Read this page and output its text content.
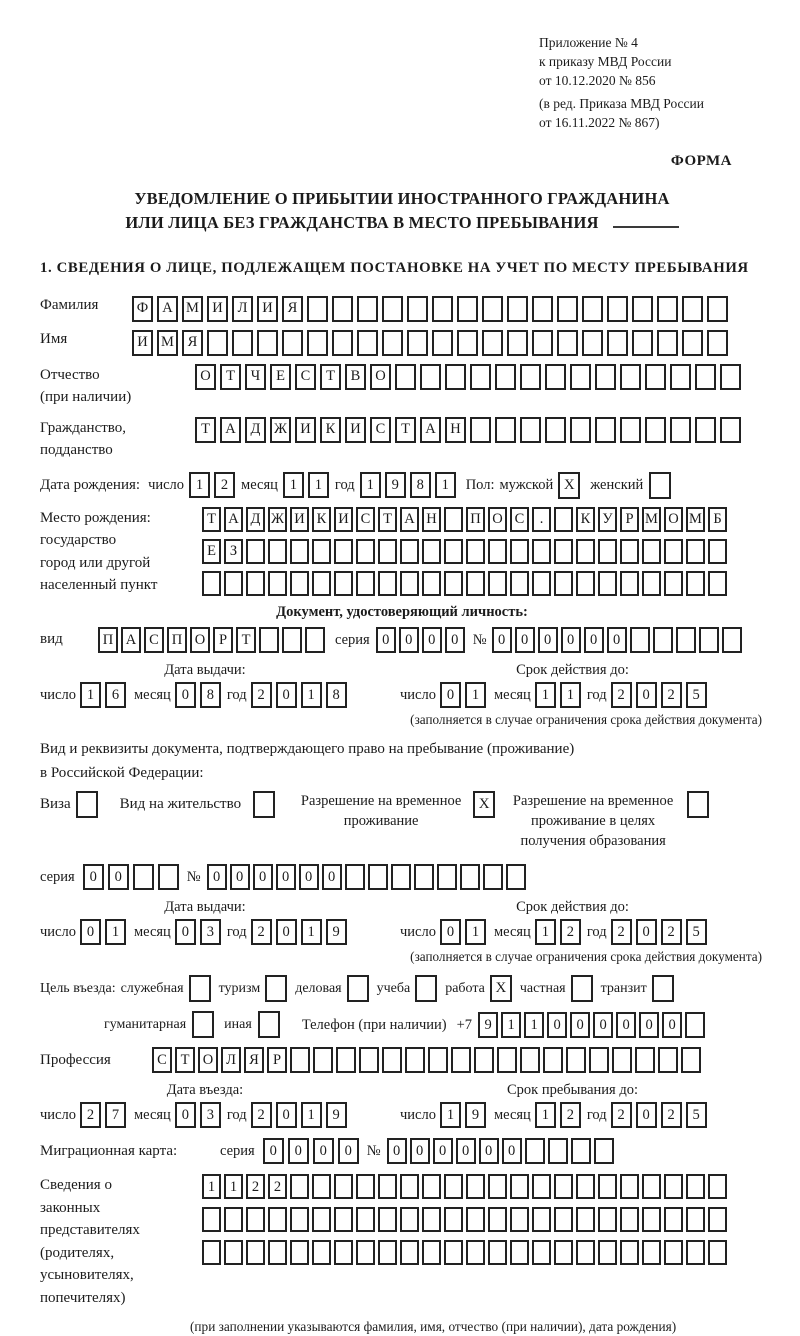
Приложение № 4
к приказу МВД России
от 10.12.2020 № 856
(в ред. Приказа МВД России
от 16.11.2022 № 867)
ФОРМА
УВЕДОМЛЕНИЕ О ПРИБЫТИИ ИНОСТРАННОГО ГРАЖДАНИНА
ИЛИ ЛИЦА БЕЗ ГРАЖДАНСТВА В МЕСТО ПРЕБЫВАНИЯ
1. СВЕДЕНИЯ О ЛИЦЕ, ПОДЛЕЖАЩЕМ ПОСТАНОВКЕ НА УЧЕТ ПО МЕСТУ ПРЕБЫВАНИЯ
Фамилия	Ф А М И	Л	И	Я
Имя	И М Я
Отчество
(при наличии)
О	Т	Ч	Е	С	Т	В	О
Гражданство,
подданство
Т	А	Д Ж И	К	И	С	Т	А	Н
Дата рождения: число 1	2 месяц 1	1 год 1	9	8	1	Пол: мужской X	женский
Место рождения:
государство
город или другой
населенный пункт
Т А Д Ж И К И С Т А Н П О С	.	К У Р М О М Б
Е З
Документ, удостоверяющий личность:
вид	П А С П О Р	Т	серия 0	0	0	0 № 0	0	0	0	0	0
Дата выдачи:
число 1	6	месяц 0	8 год 2	0	1	8
Срок действия до:
число 0	1	месяц 1	1 год 2	0	2	5
(заполняется в случае ограничения срока действия документа)
Вид и реквизиты документа, подтверждающего право на пребывание (проживание)
в Российской Федерации:
Виза	Вид на жительство	Разрешение на временное проживание
X	Разрешение на временное проживание в целях получения образования
серия	0	0	№ 0	0	0	0	0	0
Дата выдачи:
число 0	1	месяц 0	3 год 2	0	1	9
Срок действия до:
число 0	1	месяц 1	2 год 2	0	2	5
(заполняется в случае ограничения срока действия документа)
Цель въезда: служебная	туризм	деловая	учеба	работа X частная	транзит
гуманитарная	иная	Телефон (при наличии) +7 9	1	1	0	0	0	0	0	0
Профессия	С Т О Л Я Р
Дата въезда:
число 2	7	месяц 0	3 год 2	0	1	9
Срок пребывания до:
число 1	9	месяц 1	2 год 2	0	2	5
Миграционная карта:	серия	0	0	0	0	№ 0	0	0	0	0	0
Сведения о
законных
представителях
(родителях,
усыновителях,
попечителях)
1	1	2	2
(при заполнении указываются фамилия, имя, отчество (при наличии), дата рождения)
